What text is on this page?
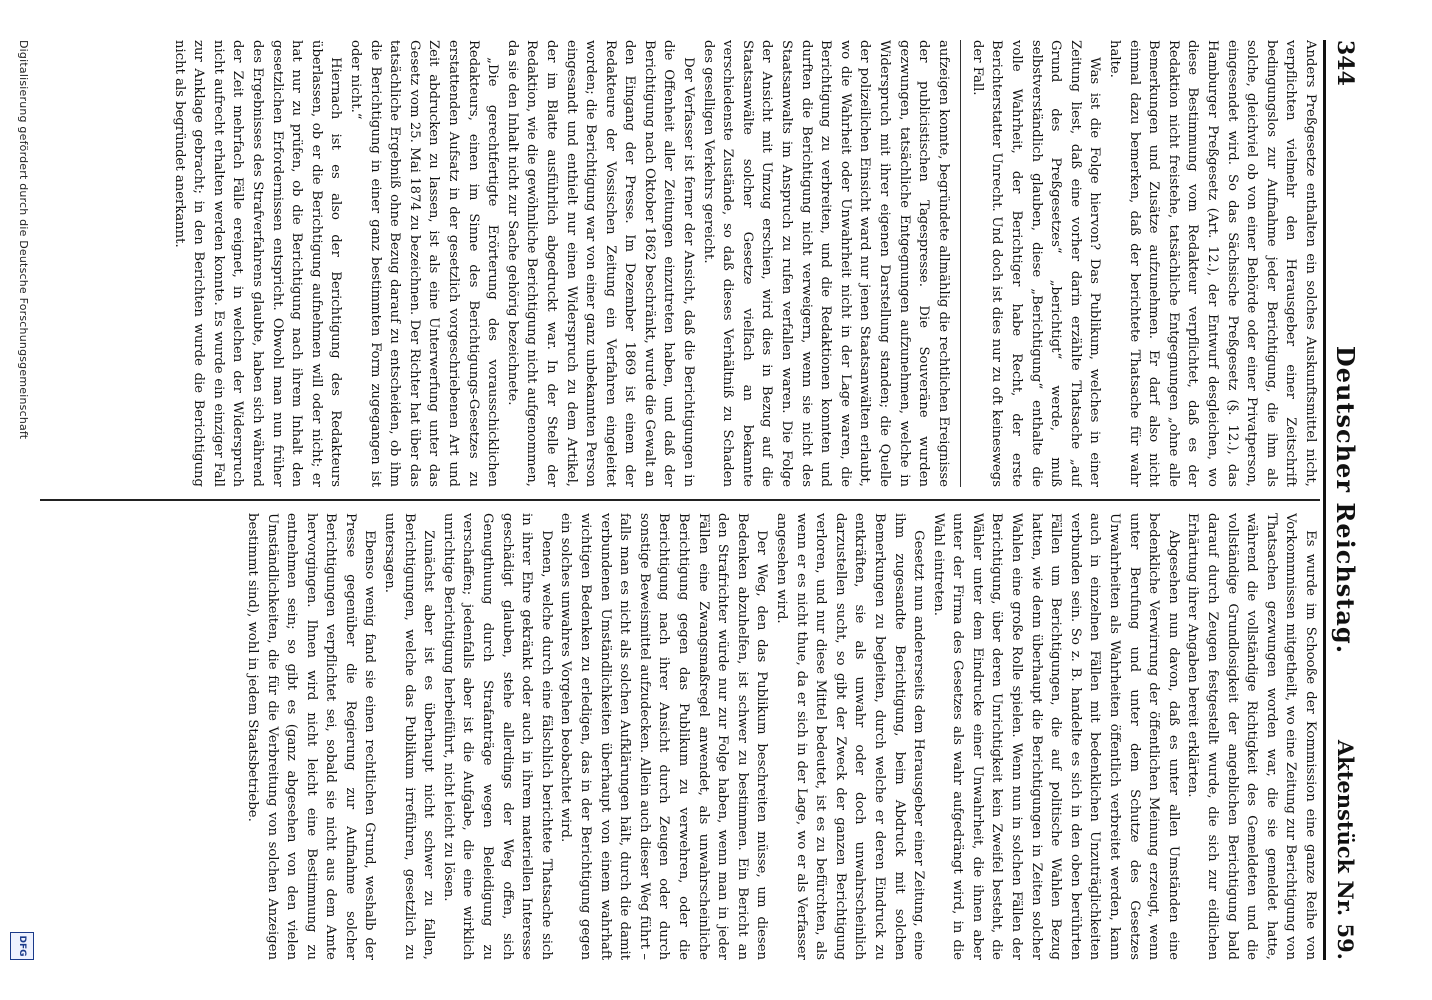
344
Deutscher Reichstag.
Aktenstück Nr. 59.

Anders Preßgesetze enthalten ein solches Auskunftsmittel nicht, verpflichten vielmehr den Herausgeber einer Zeitschrift bedingungslos zur Aufnahme jeder Berichtigung, die ihm als solche, gleichviel ob von einer Behörde oder einer Privatperson, eingesendet wird. So das Sächsische Preßgesetz (§. 12.), das Hamburger Preßgesetz (Art. 12.), der Entwurf desgleichen, wo diese Bestimmung vom Redakteur verpflichtet, daß es der Redaktion nicht freistehe, tatsächliche Entgegnungen „ohne alle Bemerkungen und Zusätze aufzunehmen. Er darf also nicht einmal dazu bemerken, daß der berichtete Thatsache für wahr halte.

Was ist die Folge hiervon? Das Publikum, welches in einer Zeitung liest, daß eine vorher darin erzählte Thatsache „auf Grund des Preßgesetzes“ „berichtigt“ werde, muß selbstverständlich glauben, diese „Berichtigung“ enthalte die volle Wahrheit, der Berichtiger habe Recht, der erste Berichterstatter Unrecht. Und doch ist dies nur zu oft keineswegs der Fall.

aufzeigen konnte, begründete allmählig die rechtlichen Ereignisse der publicistischen Tagespresse. Die Souveräne wurden gezwungen, tatsächliche Entgegnungen aufzunehmen, welche in Widerspruch mit ihrer eigenen Darstellung standen; die Quelle der polizeilichen Einsicht ward nur jenen Staatsanwälten erlaubt, wo die Wahrheit oder Unwahrheit nicht in der Lage waren, die Berichtigung zu verbreiten, und die Redaktionen konnten und durften die Berichtigung nicht verweigern, wenn sie nicht des Staatsanwalts im Anspruch zu rufen verfallen waren. Die Folge der Ansicht mit Umzug erschien, wird dies in Bezug auf die Staatsanwälte solcher Gesetze vielfach an bekannte verschiedenste Zustände, so daß dieses Verhältniß zu Schaden des geselligen Verkehrs gereicht.

Der Verfasser ist ferner der Ansicht, daß die Berichtigungen in die Offenheit aller Zeitungen einzutreten haben, und daß der Berichtigung nach Oktober 1862 beschränkt, wurde die Gewalt an den Eingang der Presse. Im Dezember 1869 ist einem der Redakteure der Vossischen Zeitung ein Verfahren eingeleitet worden; die Berichtigung war von einer ganz unbekannten Person eingesandt und enthielt nur einen Widerspruch zu dem Artikel, der im Blatte ausführlich abgedruckt war. In der Stelle der Redaktion, wie die gewöhnliche Berichtigung nicht aufgenommen, da sie den Inhalt nicht zur Sache gehörig bezeichnete.

„Die gerechtfertigte Erörterung des vorausschicklichen Redakteurs, einen im Sinne des Berichtigungs-Gesetzes zu erstattenden Aufsatz in der gesetzlich vorgeschriebenen Art und Zeit abdrucken zu lassen, ist als eine Unterwerfung unter das Gesetz vom 25. Mai 1874 zu bezeichnen. Der Richter hat über das tatsächliche Ergebniß ohne Bezug darauf zu entscheiden, ob ihm die Berichtigung in einer ganz bestimmten Form zugegangen ist oder nicht.“

Hiernach ist es also der Berichtigung des Redakteurs überlassen, ob er die Berichtigung aufnehmen will oder nicht; er hat nur zu prüfen, ob die Berichtigung nach ihrem Inhalt den gesetzlichen Erfordernissen entspricht. Obwohl man nun früher des Ergebnisses des Strafverfahrens glaubte, haben sich während der Zeit mehrfach Fälle ereignet, in welchen der Widerspruch nicht aufrecht erhalten werden konnte. Es wurde ein einziger Fall zur Anklage gebracht; in den Berichten wurde die Berichtigung nicht als begründet anerkannt.

Es wurde im Schooße der Kommission eine ganze Reihe von Vorkommnissen mitgetheilt, wo eine Zeitung zur Berichtigung von Thatsachen gezwungen worden war, die sie gemeldet hatte, während die vollständige Richtigkeit des Gemeldeten und die vollständige Grundlosigkeit der angeblichen Berichtigung bald darauf durch Zeugen festgestellt wurde, die sich zur eidlichen Erhärtung ihrer Angaben bereit erklärten.

Abgesehen nun davon, daß es unter allen Umständen eine bedenkliche Verwirrung der öffentlichen Meinung erzeugt, wenn unter Berufung und unter dem Schutze des Gesetzes Unwahrheiten als Wahrheiten öffentlich verbreitet werden, kann auch in einzelnen Fällen mit bedenklichen Unzuträglichkeiten verbunden sein. So z. B. handelte es sich in den oben berührten Fällen um Berichtigungen, die auf politische Wahlen Bezug hatten, wie denn überhaupt die Berichtigungen in Zeiten solcher Wahlen eine große Rolle spielen. Wenn nun in solchen Fällen der Berichtigung, über deren Unrichtigkeit kein Zweifel besteht, die Wähler unter dem Eindrucke einer Unwahrheit, die ihnen aber unter der Firma des Gesetzes als wahr aufgedrängt wird, in die Wahl eintreten.

Gesetzt nun andererseits dem Herausgeber einer Zeitung, eine ihm zugesandte Berichtigung, beim Abdruck mit solchen Bemerkungen zu begleiten, durch welche er deren Eindruck zu entkräften, sie als unwahr oder doch unwahrscheinlich darzustellen sucht, so gibt der Zweck der ganzen Berichtigung verloren, und nur diese Mittel bedeutet, ist es zu befürchten, als wenn er es nicht thue, da er sich in der Lage, wo er als Verfasser angesehen wird.

Der Weg, den das Publikum beschreiten müsse, um diesen Bedenken abzuhelfen, ist schwer zu bestimmen. Ein Bericht an den Strafrichter würde nur zur Folge haben, wenn man in jeder Fällen eine Zwangsmaßregel anwendet, als unwahrscheinliche Berichtigung gegen das Publikum zu verwehren, oder die Berichtigung nach ihrer Ansicht durch Zeugen oder durch sonstige Beweismittel aufzudecken. Allein auch dieser Weg führt – falls man es nicht als solchen Aufklärungen hält, durch die damit verbundenen Umständlichkeiten überhaupt von einem wahrhaft wichtigen Bedenken zu erledigen, das in der Berichtigung gegen ein solches unwahres Vorgehen beobachtet wird.

Denen, welche durch eine fälschlich berichtete Thatsache sich in ihrer Ehre gekränkt oder auch in ihrem materiellen Interesse geschädigt glauben, stehe allerdings der Weg offen, sich Genugthuung durch Strafanträge wegen Beleidigung zu verschaffen; jedenfalls aber ist die Aufgabe, die eine wirklich unrichtige Berichtigung herbeiführt, nicht leicht zu lösen.

Zunächst aber ist es überhaupt nicht schwer zu fallen, Berichtigungen, welche das Publikum irreführen, gesetzlich zu untersagen.

Ebenso wenig fand sie einen rechtlichen Grund, weshalb der Presse gegenüber die Regierung zur Aufnahme solcher Berichtigungen verpflichtet sei, sobald sie nicht aus dem Amte hervorgingen. Ihnen wird nicht leicht eine Bestimmung zu entnehmen sein; so gibt es (ganz abgesehen von den vielen Umständlichkeiten, die für die Verbreitung von solchen Anzeigen bestimmt sind), wohl in jedem Staatsbetriebe.

Digitalisierung gefördert durch die Deutsche Forschungsgemeinschaft
DFG
